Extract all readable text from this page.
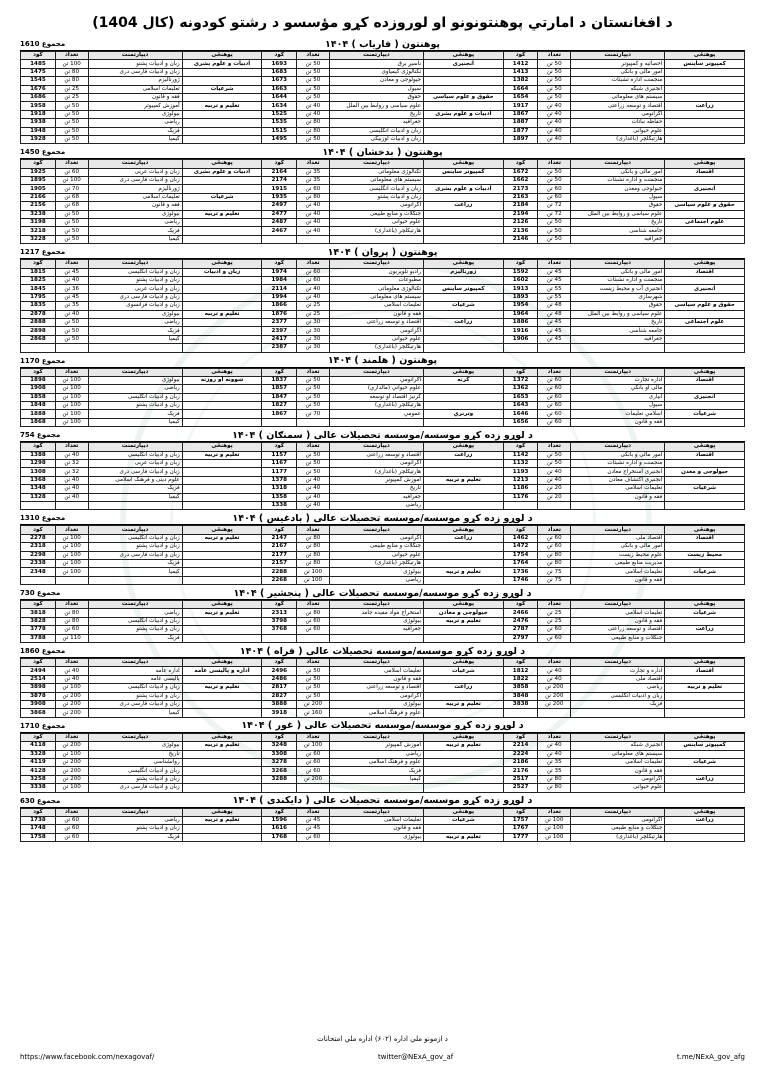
د افغانستان د امارتي پوهنتونونو او لوروزده کړو مؤسسو د رشتو کودونه (کال 1404)
مجموع 1610	پوهنتون ( فاریاب ) ۱۴۰۴
پوهنځی	دیپارتمنت	تعداد	کود	پوهنځی	دیپارتمنت	تعداد	کود	پوهنځی	دیپارتمنت	تعداد	کود
کمپیوتر ساینس	احصائیه و کمپیوتر	50 تن	1412	انجنیری	ناسیږ برق	50 تن	1693	ادبیات و علوم بشری	زبان و ادبیات پشتو	100 تن	1485
	امور مالی و بانکی	50 تن	1413		تکنالوژی کیمیاوی	50 تن	1683		زبان و ادبیات فارسی دری	80 تن	1475
	منجمنت اداره تشبثات	50 تن	1382		جیولوجی و معادن	50 تن	1673		ژورنالیزم	80 تن	1545
	انجنیری شبکه	50 تن	1664		سیول	50 تن	1663	شرعیات	تعلیمات اسلامی	25 تن	1676
	سیستم های معلوماتی	50 تن	1654	حقوق و علوم سیاسی	حقوق	50 تن	1644		فقه و قانون	25 تن	1686
زراعت	اقتصاد و توسعه زراعتی	40 تن	1917		علوم سیاسی و روابط بین الملل	40 تن	1634	تعلیم و تربیه	آموزش کمپیوتر	50 تن	1958
	اگرانومی	40 تن	1867	ادبیات و علوم بشری	تاریخ	40 تن	1525		بیولوژی	50 تن	1918
	حفاظه نباتات	40 تن	1887		جغرافیه	80 تن	1535		ریاضی	50 تن	1938
	علوم حیوانی	40 تن	1877		زبان و ادبیات انگلیسی	80 تن	1515		فزیک	50 تن	1948
	هارتیکلچر (باغداری)	40 تن	1897		زبان و ادبیات اوزبیکی	50 تن	1495		کیمیا	50 تن	1928
مجموع 1450	پوهنتون ( بدخشان ) ۱۴۰۴
پوهنځی	دیپارتمنت	تعداد	کود	پوهنځی	دیپارتمنت	تعداد	کود	پوهنځی	دیپارتمنت	تعداد	کود
اقتصاد	امور مالی و بانکی	50 تن	1672	کمپیوتر ساینس	تکنالوژی معلوماتی	35 تن	2164	ادبیات و علوم بشری	زبان و ادبیات عربی	60 تن	1925
	منجمنت و اداره تشبثات	50 تن	1662		سیستم های معلوماتی	35 تن	2174		زبان و ادبیات فارسی دری	100 تن	1895
انجنیری	جیولوجی ومعدن	60 تن	2173	ادبیات و علوم بشری	زبان و ادبیات انگلیسی	60 تن	1915		ژورنالیزم	70 تن	1905
	سیول	60 تن	2163		زبان و ادبیات پشتو	80 تن	1935	شرعیات	تعلیمات اسلامی	68 تن	2166
حقوق و علوم سیاسی	حقوق	72 تن	2184	زراعت	اگرانومی	40 تن	2497		فقه و قانون	68 تن	2156
	علوم سیاسی و روابط بین الملل	72 تن	2194		جنگلات و منابع طبیعی	40 تن	2477	تعلیم و تربیه	بیولوژی	50 تن	3238
علوم اجتماعی	تاریخ	50 تن	2126		علوم حیوانی	40 تن	2487		ریاضی	50 تن	3198
	جامعه شناسی	50 تن	2136		هارتیکلچر (باغداری)	40 تن	2467		فزیک	50 تن	3218
	جغرافیه	50 تن	2146						کیمیا	50 تن	3228
مجموع 1217	پوهنتون ( پروان ) ۱۴۰۴
پوهنځی	دیپارتمنت	تعداد	کود	پوهنځی	دیپارتمنت	تعداد	کود	پوهنځی	دیپارتمنت	تعداد	کود
اقتصاد	امور مالی و بانکی	45 تن	1592	ژورنالیزم	رادیو تلویزیون	60 تن	1974	زبان و ادبیات	زبان و ادبیات انگلیسی	45 تن	1815
	منجمنت و اداره تشبثات	45 تن	1602		مطبوعات	60 تن	1984		زبان و ادبیات پشتو	40 تن	1825
انجنیری	انجنیری آب و محیط زیست	55 تن	1913	کمپیوتر ساینس	تکنالوژی معلوماتی	40 تن	2114		زبان و ادبیات عربی	36 تن	1845
	شهرسازی	55 تن	1893		سیستم های معلوماتی	40 تن	1994		زبان و ادبیات فارسی دری	45 تن	1795
حقوق و علوم سیاسی	حقوق	48 تن	1954	شرعیات	تعلیمات اسلامی	25 تن	1866		زبان و ادبیات فرانسوی	35 تن	1835
	علوم سیاسی و روابط بین الملل	48 تن	1964		فقه و قانون	25 تن	1876	تعلیم و تربیه	بیولوژی	40 تن	2878
علوم اجتماعی	تاریخ	45 تن	1886	زراعت	اقتصاد و توسعه زراعتی	30 تن	2377		ریاضی	50 تن	2888
	جامعه شناسی	45 تن	1916		اگرانومی	30 تن	2397		فزیک	50 تن	2898
	جغرافیه	45 تن	1906		علوم حیوانی	30 تن	2417		کیمیا	50 تن	2868
					هارتیکلچر (باغداری)	30 تن	2387				
مجموع 1170	پوهنتون ( هلمند ) ۱۴۰۴
پوهنځی	دیپارتمنت	تعداد	کود	پوهنځی	دیپارتمنت	تعداد	کود	پوهنځی	دیپارتمنت	تعداد	کود
اقتصاد	اداره تجارت	60 تن	1372	کرنه	اګرانومي	50 تن	1837	ښوونه او روزنه	بیولوژی	100 تن	1898
	مالی او بانکي	60 تن	1362		علوم حیواني (مالداري)	50 تن	1857		ریاضی	100 تن	1908
انجنیری	ابیاری	60 تن	1653		کرنیز اقتصاد او توسعه	50 تن	1847		زبان و ادبیات انگلیسی	100 تن	1858
	سیول	60 تن	1643		هارتیکلچر (باغداري)	50 تن	1827		زبان و ادبیات پشتو	100 تن	1848
شرعیات	اسلامي تعلیمات	60 تن	1646	وترنري	عمومي	70 تن	1867		فزیک	100 تن	1888
	فقه و قانون	60 تن	1656						کیمیا	100 تن	1868
مجموع 754	د لوړو زده کړو موسسه/موسسه تحصیلات عالی ( سمنګان ) ۱۴۰۴
پوهنځی	دیپارتمنت	تعداد	کود	پوهنځی	دیپارتمنت	تعداد	کود	پوهنځی	دیپارتمنت	تعداد	کود
اقتصاد	امور مالی و بانکی	50 تن	1142	زراعت	اقتصاد و توسعه زراعتی	50 تن	1157	تعلیم و تربیه	زبان و ادبیات انگلیسی	40 تن	1388
	منجمنت و اداره تشبثات	50 تن	1132		اگرانومی	50 تن	1167		زبان و ادبیات عربی	32 تن	1298
جیولوجی و معدن	انجنیری استخراج معادن	40 تن	1193		هارتیکلچر (باغداری)	50 تن	1177		زبان و ادبیات فارسی دری	32 تن	1308
	انجنیری اکتشاف معادن	40 تن	1213	تعلیم و تربیه	آموزش کمپیوتر	40 تن	1378		علوم دینی و فرهنگ اسلامی	40 تن	1368
شرعیات	تعلیمات اسلامی	20 تن	1186		تاریخ	40 تن	1318		فزیک	40 تن	1348
	فقه و قانون	20 تن	1176		جغرافیه	40 تن	1358		کیمیا	40 تن	1328
					ریاضی	40 تن	1338				
مجموع 1310	د لوړو زده کړو موسسه/موسسه تحصیلات عالی ( بادغیس ) ۱۴۰۴
پوهنځی	دیپارتمنت	تعداد	کود	پوهنځی	دیپارتمنت	تعداد	کود	پوهنځی	دیپارتمنت	تعداد	کود
اقتصاد	اقتصاد ملی	60 تن	1462	زراعت	اگرانومی	80 تن	2147	تعلیم و تربیه	زبان و ادبیات انگلیسی	100 تن	2278
	امور مالی و بانکی	60 تن	1472		جنگلات و منابع طبیعی	80 تن	2167		زبان و ادبیات پشتو	100 تن	2318
محیط زیست	علوم محیط زیست	80 تن	1754		علوم حیوانی	80 تن	2177		زبان و ادبیات فارسی دری	100 تن	2298
	مدیریت منابع طبیعی	80 تن	1764		هارتیکلچر (باغداری)	80 تن	2157		فزیک	100 تن	2338
شرعیات	تعلیمات اسلامی	75 تن	1736	تعلیم و تربیه	بیولوژی	100 تن	2288		کیمیا	100 تن	2348
	فقه و قانون	75 تن	1746		ریاضی	100 تن	2268				
مجموع 730	د لوړو زده کړو موسسه/موسسه تحصیلات عالی ( پنجشیر ) ۱۴۰۴
پوهنځی	دیپارتمنت	تعداد	کود	پوهنځی	دیپارتمنت	تعداد	کود	پوهنځی	دیپارتمنت	تعداد	کود
شرعیات	تعلیمات اسلامی	25 تن	2466	جیولوجی و معادن	استخراج مواد مفیده جامد	80 تن	2313	تعلیم و تربیه	ریاضی	80 تن	3818
	فقه و قانون	25 تن	2476	تعلیم و تربیه	بیولوژی	60 تن	3798		زبان و ادبیات انگلیسی	80 تن	3828
زراعت	اقتصاد و توسعه زراعتی	60 تن	2787		جغرافیه	60 تن	3768		زبان و ادبیات پشتو	60 تن	3778
	جنگلات و منابع طبیعی	60 تن	2797						فزیک	110 تن	3788
مجموع 1860	د لوړو زده کړو موسسه/موسسه تحصیلات عالی ( فراه ) ۱۴۰۴
پوهنځی	دیپارتمنت	تعداد	کود	پوهنځی	دیپارتمنت	تعداد	کود	پوهنځی	دیپارتمنت	تعداد	کود
اقتصاد	اداره و تجارت	40 تن	1812	شرعیات	تعلیمات اسلامی	50 تن	2496	اداره و پالیسی عامه	اداره عامه	40 تن	2494
	اقتصاد ملی	40 تن	1822		فقه و قانون	50 تن	2486		پالیسی عامه	40 تن	2514
تعلیم و تربیه	ریاضی	200 تن	3858	زراعت	اقتصاد و توسعه زراعتی	50 تن	2817	تعلیم و تربیه	زبان و ادبیات انگلیسی	100 تن	3898
	زبان و ادبیات انگلیسی	200 تن	3848		اگرانومی	50 تن	2827		زبان و ادبیات پشتو	200 تن	3878
	فزیک	200 تن	3838	تعلیم و تربیه	بیولوژی	200 تن	3888		زبان و ادبیات فارسی دری	200 تن	3908
					علوم و فرهنگ اسلامی	160 تن	3918		کیمیا	200 تن	3868
مجموع 1710	د لوړو زده کړو موسسه/موسسه تحصیلات عالی ( غور ) ۱۴۰۴
پوهنځی	دیپارتمنت	تعداد	کود	پوهنځی	دیپارتمنت	تعداد	کود	پوهنځی	دیپارتمنت	تعداد	کود
کمپیوتر ساینس	انجنیری شبکه	40 تن	2214	تعلیم و تربیه	آموزش کمپیوتر	100 تن	3248	تعلیم و تربیه	بیولوژی	200 تن	4118
	سیستم های معلوماتی	40 تن	2224		ریاضی	60 تن	3308		تاریخ	100 تن	3328
شرعیات	تعلیمات اسلامی	35 تن	2186		علوم و فرهنگ اسلامی	60 تن	3278		روانشناسی	200 تن	4119
	فقه و قانون	35 تن	2176		فزیک	60 تن	3268		زبان و ادبیات انگلیسی	200 تن	4128
زراعت	اگرانومی	80 تن	2517		کیمیا	200 تن	3288		زبان و ادبیات پشتو	200 تن	3258
	علوم حیوانی	80 تن	2527						زبان و ادبیات فارسی دری	100 تن	3338
مجموع 630	د لوړو زده کړو موسسه/موسسه تحصیلات عالی ( دایکندی ) ۱۴۰۴
پوهنځی	دیپارتمنت	تعداد	کود	پوهنځی	دیپارتمنت	تعداد	کود	پوهنځی	دیپارتمنت	تعداد	کود
زراعت	اگرانومی	100 تن	1757	شرعیات	تعلیمات اسلامی	45 تن	1596	تعلیم و تربیه	ریاضی	60 تن	1738
	جنگلات و منابع طبیعی	100 تن	1767		فقه و قانون	45 تن	1616		زبان و ادبیات پشتو	60 تن	1748
	هارتیکلچر (باغداری)	100 تن	1777	تعلیم و تربیه	بیولوژی	60 تن	1768		فزیک	60 تن	1758
د ازمونو ملي اداره (۶۰۲) اداره ملي امتحانات
https://www.facebook.com/nexagovaf/	twitter@NExA_gov_af	t.me/NExA_gov_afg
